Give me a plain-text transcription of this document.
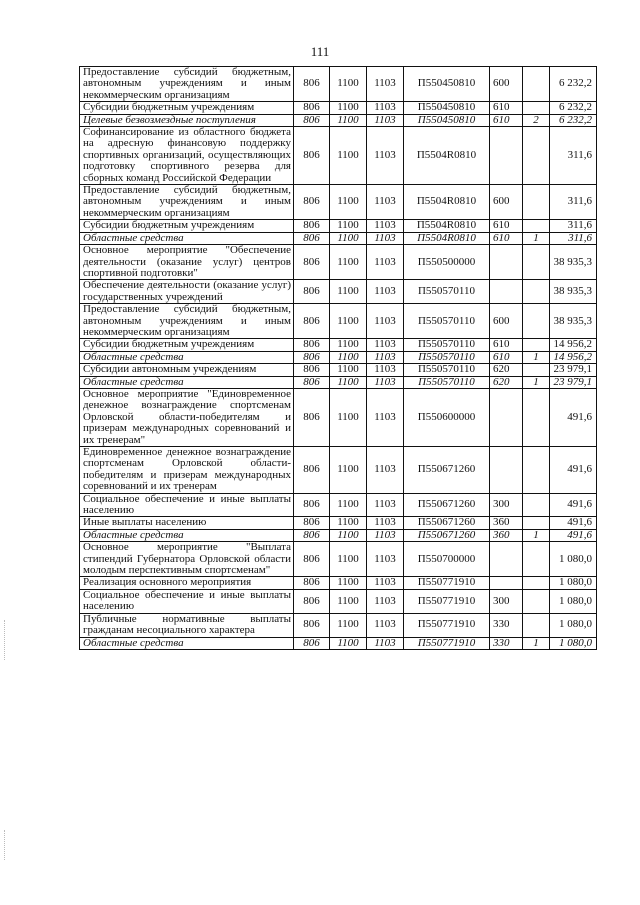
111
Предоставление субсидий бюджетным, автономным учреждениям и иным некоммерческим организациям	806	1100	1103	П550450810	600		6 232,2
Субсидии бюджетным учреждениям	806	1100	1103	П550450810	610		6 232,2
Целевые безвозмездные поступления	806	1100	1103	П550450810	610	2	6 232,2
Софинансирование из областного бюджета на адресную финансовую поддержку спортивных организаций, осуществляющих подготовку спортивного резерва для сборных команд Российской Федерации	806	1100	1103	П5504R0810			311,6
Предоставление субсидий бюджетным, автономным учреждениям и иным некоммерческим организациям	806	1100	1103	П5504R0810	600		311,6
Субсидии бюджетным учреждениям	806	1100	1103	П5504R0810	610		311,6
Областные средства	806	1100	1103	П5504R0810	610	1	311,6
Основное мероприятие "Обеспечение деятельности (оказание услуг) центров спортивной подготовки"	806	1100	1103	П550500000			38 935,3
Обеспечение деятельности (оказание услуг) государственных учреждений	806	1100	1103	П550570110			38 935,3
Предоставление субсидий бюджетным, автономным учреждениям и иным некоммерческим организациям	806	1100	1103	П550570110	600		38 935,3
Субсидии бюджетным учреждениям	806	1100	1103	П550570110	610		14 956,2
Областные средства	806	1100	1103	П550570110	610	1	14 956,2
Субсидии автономным учреждениям	806	1100	1103	П550570110	620		23 979,1
Областные средства	806	1100	1103	П550570110	620	1	23 979,1
Основное мероприятие "Единовременное денежное вознаграждение спортсменам Орловской области-победителям и призерам международных соревнований и их тренерам"	806	1100	1103	П550600000			491,6
Единовременное денежное вознаграждение спортсменам Орловской области-победителям и призерам международных соревнований и их тренерам	806	1100	1103	П550671260			491,6
Социальное обеспечение и иные выплаты населению	806	1100	1103	П550671260	300		491,6
Иные выплаты населению	806	1100	1103	П550671260	360		491,6
Областные средства	806	1100	1103	П550671260	360	1	491,6
Основное мероприятие "Выплата стипендий Губернатора Орловской области молодым перспективным спортсменам"	806	1100	1103	П550700000			1 080,0
Реализация основного мероприятия	806	1100	1103	П550771910			1 080,0
Социальное обеспечение и иные выплаты населению	806	1100	1103	П550771910	300		1 080,0
Публичные нормативные выплаты гражданам несоциального характера	806	1100	1103	П550771910	330		1 080,0
Областные средства	806	1100	1103	П550771910	330	1	1 080,0
